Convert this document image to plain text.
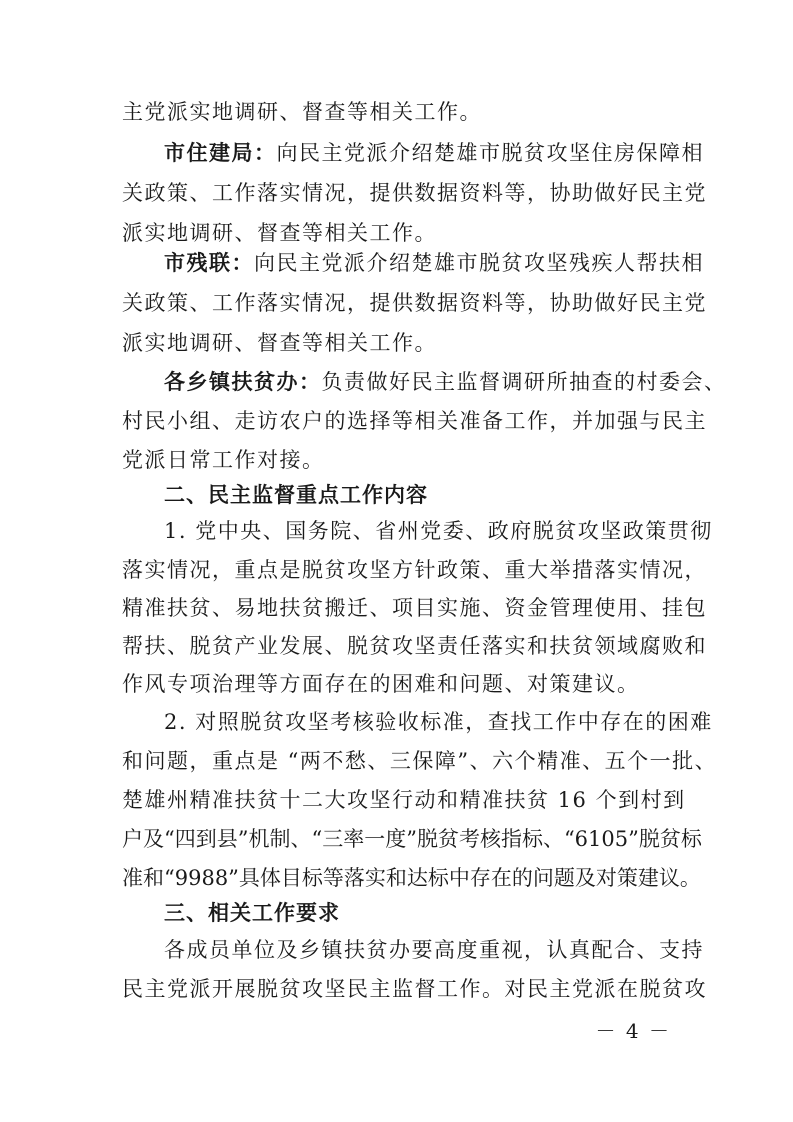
主党派实地调研、督查等相关工作。
市住建局：向民主党派介绍楚雄市脱贫攻坚住房保障相
关政策、工作落实情况，提供数据资料等，协助做好民主党
派实地调研、督查等相关工作。
市残联：向民主党派介绍楚雄市脱贫攻坚残疾人帮扶相
关政策、工作落实情况，提供数据资料等，协助做好民主党
派实地调研、督查等相关工作。
各乡镇扶贫办：负责做好民主监督调研所抽查的村委会、
村民小组、走访农户的选择等相关准备工作，并加强与民主
党派日常工作对接。
二、民主监督重点工作内容
1. 党中央、国务院、省州党委、政府脱贫攻坚政策贯彻
落实情况，重点是脱贫攻坚方针政策、重大举措落实情况，
精准扶贫、易地扶贫搬迁、项目实施、资金管理使用、挂包
帮扶、脱贫产业发展、脱贫攻坚责任落实和扶贫领域腐败和
作风专项治理等方面存在的困难和问题、对策建议。
2. 对照脱贫攻坚考核验收标准，查找工作中存在的困难
和问题，重点是 “两不愁、三保障”、六个精准、五个一批、
楚雄州精准扶贫十二大攻坚行动和精准扶贫 16 个到村到
户及“四到县”机制、“三率一度”脱贫考核指标、“6105”脱贫标
准和“9988”具体目标等落实和达标中存在的问题及对策建议。
三、相关工作要求
各成员单位及乡镇扶贫办要高度重视，认真配合、支持
民主党派开展脱贫攻坚民主监督工作。对民主党派在脱贫攻
－ 4 －
